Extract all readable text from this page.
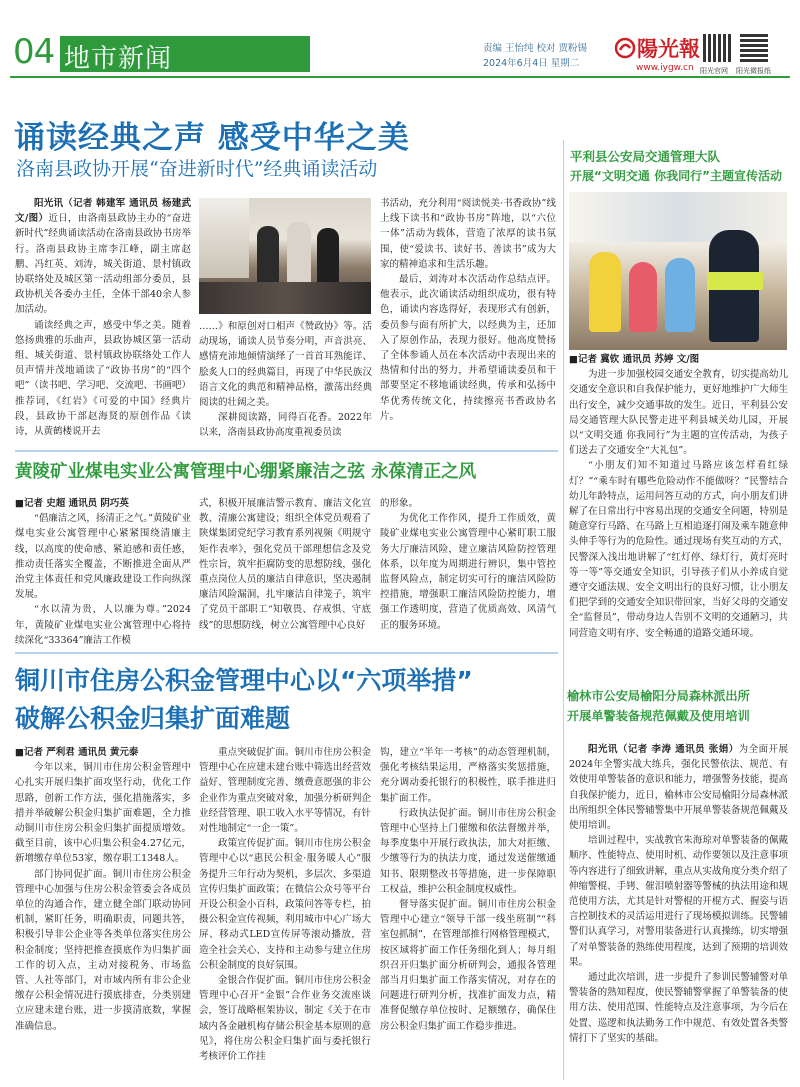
04 地市新闻	责编 王怡纯 校对 贾粉锡
2024年6月4日 星期二
陽光報
www.iygw.cn 阳光官网 阳光微报纸
诵读经典之声 感受中华之美
洛南县政协开展“奋进新时代”经典诵读活动

阳光讯（记者 韩建军 通讯员 杨建武 文/图）近日，由洛南县政协主办的“奋进新时代”经典诵读活动在洛南县政协书房举行。洛南县政协主席李江峰，副主席赵鹏、冯红英、刘涛，城关街道、景村镇政协联络处及城区第一活动组部分委员，县政协机关各委办主任，全体干部40余人参加活动。

诵读经典之声，感受中华之美。随着悠扬典雅的乐曲声，县政协城区第一活动组、城关街道、景村镇政协联络处工作人员声情并茂地诵读了“政协书房”的“四个吧”（读书吧、学习吧、交流吧、书画吧）推荐词，《红岩》《可爱的中国》经典片段，县政协干部赵海贤的原创作品《读诗，从黄鹤楼说开去

……》和原创对口相声《赞政协》等。活动现场，诵读人员节奏分明，声音洪亮、感情充沛地倾情演绎了一首首耳熟能详、脍炙人口的经典篇目，再现了中华民族汉语言文化的典范和精神品格，激荡出经典阅读的壮阔之美。

深耕阅读路，同得百花香。2022年以来，洛南县政协高度重视委员读

书活动，充分利用“阅读悦美·书香政协”线上线下读书和“政协书房”阵地，以“六位一体”活动为载体，营造了浓厚的读书氛围，使“爱读书、读好书、善读书”成为大家的精神追求和生活乐趣。

最后，刘涛对本次活动作总结点评。他表示，此次诵读活动组织成功，很有特色，诵读内容选得好，表现形式有创新，委员参与面有所扩大，以经典为主，还加入了原创作品，表现力很好。他高度赞扬了全体参诵人员在本次活动中表现出来的热情和付出的努力，并希望诵读委员和干部要坚定不移地诵读经典，传承和弘扬中华优秀传统文化，持续擦亮书香政协名片。

黄陵矿业煤电实业公寓管理中心绷紧廉洁之弦 永葆清正之风

■记者 史超 通讯员 阴巧英

“倡廉洁之风，扬清正之气。”黄陵矿业煤电实业公寓管理中心紧紧围绕清廉主线，以高度的使命感、紧迫感和责任感，推动责任落实全覆盖，不断推进全面从严治党主体责任和党风廉政建设工作向纵深发展。

“水以清为贵，人以廉为尊。”2024年，黄陵矿业煤电实业公寓管理中心将持续深化“33364”廉洁工作模

式，积极开展廉洁警示教育、廉洁文化宣教、清廉公寓建设；组织全体党员观看了陕煤集团党纪学习教育系列视频《明规守矩作表率》，强化党员干部理想信念及党性宗旨，筑牢拒腐防变的思想防线，强化重点岗位人员的廉洁自律意识，坚决遏制廉洁风险漏洞，扎牢廉洁自律笼子，筑牢了党员干部职工“知敬畏、存戒惧、守底线”的思想防线，树立公寓管理中心良好

的形象。

为优化工作作风，提升工作质效，黄陵矿业煤电实业公寓管理中心紧盯职工服务大厅廉洁风险，建立廉洁风险防控管理体系，以年度为周期进行辨识，集中管控监督风险点，制定切实可行的廉洁风险防控措施，增强职工廉洁风险防控能力，增强工作透明度，营造了优质高效、风清气正的服务环境。

铜川市住房公积金管理中心以“六项举措”
破解公积金归集扩面难题

■记者 严利君 通讯员 黄元泰

今年以来，铜川市住房公积金管理中心扎实开展归集扩面攻坚行动，优化工作思路，创新工作方法，强化措施落实，多措并举破解公积金归集扩面难题，全力推动铜川市住房公积金归集扩面提质增效。截至目前，该中心归集公积金4.27亿元，新增缴存单位53家，缴存职工1348人。

部门协同促扩面。铜川市住房公积金管理中心加强与住房公积金管委会各成员单位的沟通合作，建立健全部门联动协同机制，紧盯任务，明确职责，同题共答，积极引导非公企业等各类单位落实住房公积金制度；坚持把推查摸底作为归集扩面工作的切入点，主动对接税务、市场监管、人社等部门，对市域内所有非公企业缴存公积金情况进行摸底排查，分类别建立应建未建台账，进一步摸清底数，掌握准确信息。

重点突破促扩面。铜川市住房公积金管理中心在应建未建台账中筛选出经营效益好、管理制度完善、缴费意愿强的非公企业作为重点突破对象，加强分析研判企业经营管理、职工收入水平等情况，有针对性地制定“一企一策”。

政策宣传促扩面。铜川市住房公积金管理中心以“惠民公积金·服务暖人心”服务提升三年行动为契机，多层次、多渠道宣传归集扩面政策；在微信公众号等平台开设公积金小百科，政策问答等专栏，拍摄公积金宣传视频，利用城市中心广场大屏、移动式LED宣传屏等滚动播放，营造全社会关心、支持和主动参与建立住房公积金制度的良好氛围。

金银合作促扩面。铜川市住房公积金管理中心召开“金银”合作业务交流座谈会，签订战略框架协议，制定《关于在市域内各金融机构存储公积金基本原则的意见》，将住房公积金归集扩面与委托银行考核评价工作挂

钩，建立“半年一考核”的动态管理机制，强化考核结果运用，严格落实奖惩措施，充分调动委托银行的积极性，联手推进归集扩面工作。

行政执法促扩面。铜川市住房公积金管理中心坚持上门催缴和依法督缴并举，每季度集中开展行政执法，加大对拒缴、少缴等行为的执法力度，通过发送催缴通知书、限期整改书等措施，进一步保障职工权益，维护公积金制度权威性。

督导落实促扩面。铜川市住房公积金管理中心建立“领导干部一线坐班制”“科室包抓制”，在管理部推行网格管理模式，按区域将扩面工作任务细化到人；每月组织召开归集扩面分析研判会，通报各管理部当月归集扩面工作落实情况，对存在的问题进行研判分析，找准扩面发力点，精准督促缴存单位按时、足额缴存，确保住房公积金归集扩面工作稳步推进。

平利县公安局交通管理大队
开展“文明交通 你我同行”主题宣传活动

■记者 冀钦 通讯员 苏婷 文/图

为进一步加强校园交通安全教育，切实提高幼儿交通安全意识和自我保护能力，更好地维护广大师生出行安全，减少交通事故的发生。近日，平利县公安局交通管理大队民警走进平利县城关幼儿园，开展以“文明交通 你我同行”为主题的宣传活动，为孩子们送去了交通安全“大礼包”。

“小朋友们知不知道过马路应该怎样看红绿灯？”“乘车时有哪些危险动作不能做呀？”民警结合幼儿年龄特点，运用问答互动的方式，向小朋友们讲解了在日常出行中容易出现的交通安全问题，特别是随意穿行马路、在马路上互相追逐打闹及乘车随意伸头伸手等行为的危险性。通过现场有奖互动的方式，民警深入浅出地讲解了“红灯停、绿灯行，黄灯亮时等一等”等交通安全知识，引导孩子们从小养成自觉遵守交通法规、安全文明出行的良好习惯，让小朋友们把学到的交通安全知识带回家，当好父母的交通安全“监督员”，带动身边人告别不文明的交通陋习，共同营造文明有序、安全畅通的道路交通环境。

榆林市公安局榆阳分局森林派出所
开展单警装备规范佩戴及使用培训

阳光讯（记者 李涛 通讯员 张娟）为全面开展2024年全警实战大练兵，强化民警依法、规范、有效使用单警装备的意识和能力，增强警务技能，提高自我保护能力，近日，榆林市公安局榆阳分局森林派出所组织全体民警辅警集中开展单警装备规范佩戴及使用培训。

培训过程中，实战教官朱海琼对单警装备的佩戴顺序、性能特点、使用时机、动作要领以及注意事项等内容进行了细致讲解，重点从实战角度分类介绍了伸缩警棍、手铐、催泪喷射器等警械的执法用途和规范使用方法，尤其是针对警棍的开棍方式、握姿与语言控制技术的灵活运用进行了现场模拟训练。民警辅警们认真学习，对警用装备进行认真操练，切实增强了对单警装备的熟练使用程度，达到了预期的培训效果。

通过此次培训，进一步提升了参训民警辅警对单警装备的熟知程度，使民警辅警掌握了单警装备的使用方法、使用范围、性能特点及注意事项，为今后在处置、巡逻和执法勤务工作中规范、有效处置各类警情打下了坚实的基础。
